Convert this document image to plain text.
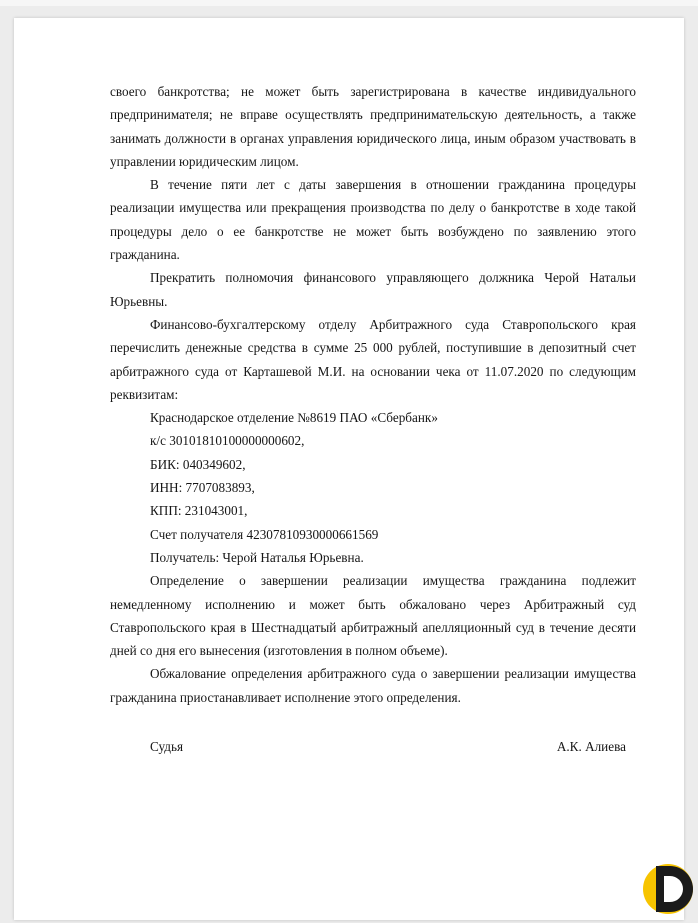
своего банкротства; не может быть зарегистрирована в качестве индивидуального предпринимателя; не вправе осуществлять предпринимательскую деятельность, а также занимать должности в органах управления юридического лица, иным образом участвовать в управлении юридическим лицом.

В течение пяти лет с даты завершения в отношении гражданина процедуры реализации имущества или прекращения производства по делу о банкротстве в ходе такой процедуры дело о ее банкротстве не может быть возбуждено по заявлению этого гражданина.

Прекратить полномочия финансового управляющего должника Черой Натальи Юрьевны.

Финансово-бухгалтерскому отделу Арбитражного суда Ставропольского края перечислить денежные средства в сумме 25 000 рублей, поступившие в депозитный счет арбитражного суда от Карташевой М.И. на основании чека от 11.07.2020 по следующим реквизитам:

Краснодарское отделение №8619 ПАО «Сбербанк»

к/с 30101810100000000602,

БИК: 040349602,

ИНН: 7707083893,

КПП: 231043001,

Счет получателя 42307810930000661569

Получатель: Черой Наталья Юрьевна.

Определение о завершении реализации имущества гражданина подлежит немедленному исполнению и может быть обжаловано через Арбитражный суд Ставропольского края в Шестнадцатый арбитражный апелляционный суд в течение десяти дней со дня его вынесения (изготовления в полном объеме).

Обжалование определения арбитражного суда о завершении реализации имущества гражданина приостанавливает исполнение этого определения.

Судья	А.К. Алиева
